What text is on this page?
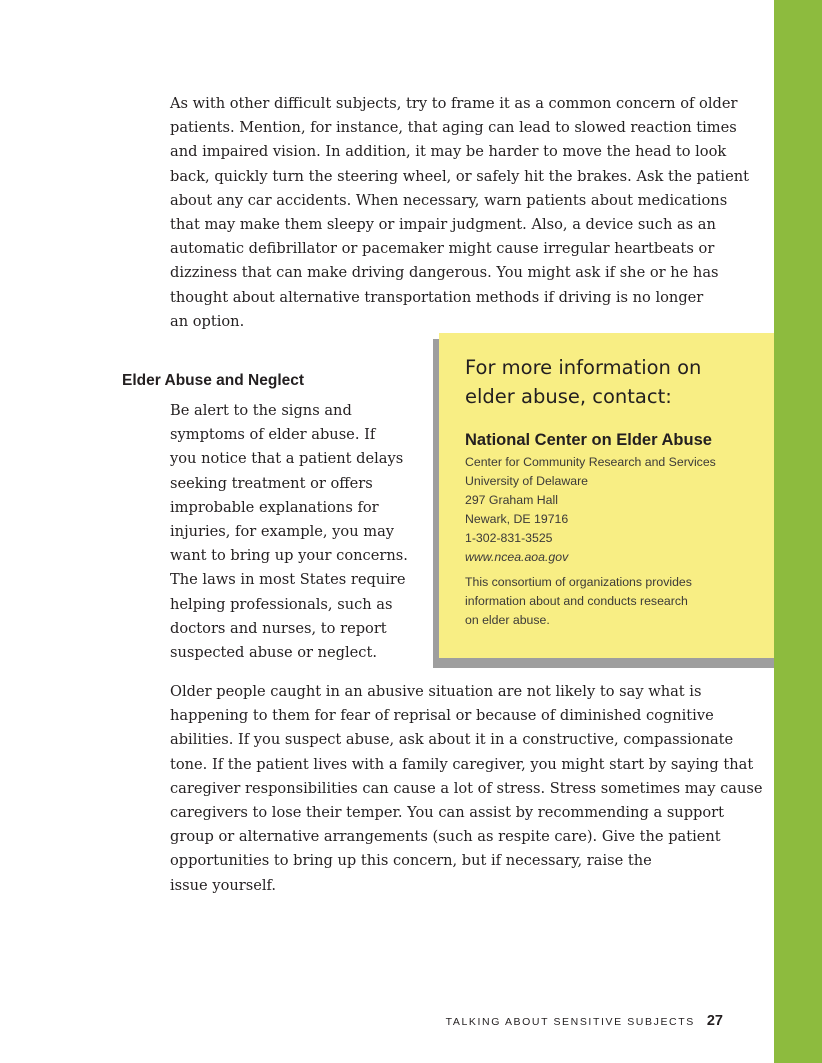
As with other difficult subjects, try to frame it as a common concern of older
patients. Mention, for instance, that aging can lead to slowed reaction times
and impaired vision. In addition, it may be harder to move the head to look
back, quickly turn the steering wheel, or safely hit the brakes. Ask the patient
about any car accidents. When necessary, warn patients about medications
that may make them sleepy or impair judgment. Also, a device such as an
automatic defibrillator or pacemaker might cause irregular heartbeats or
dizziness that can make driving dangerous. You might ask if she or he has
thought about alternative transportation methods if driving is no longer
an option.

Elder Abuse and Neglect

Be alert to the signs and
symptoms of elder abuse. If
you notice that a patient delays
seeking treatment or offers
improbable explanations for
injuries, for example, you may
want to bring up your concerns.
The laws in most States require
helping professionals, such as
doctors and nurses, to report
suspected abuse or neglect.

For more information on
elder abuse, contact:

National Center on Elder Abuse

Center for Community Research and Services
University of Delaware
297 Graham Hall
Newark, DE 19716
1-302-831-3525
www.ncea.aoa.gov

This consortium of organizations provides
information about and conducts research
on elder abuse.

Older people caught in an abusive situation are not likely to say what is
happening to them for fear of reprisal or because of diminished cognitive
abilities. If you suspect abuse, ask about it in a constructive, compassionate
tone. If the patient lives with a family caregiver, you might start by saying that
caregiver responsibilities can cause a lot of stress. Stress sometimes may cause
caregivers to lose their temper. You can assist by recommending a support
group or alternative arrangements (such as respite care). Give the patient
opportunities to bring up this concern, but if necessary, raise the
issue yourself.

TALKING ABOUT SENSITIVE SUBJECTS 27
